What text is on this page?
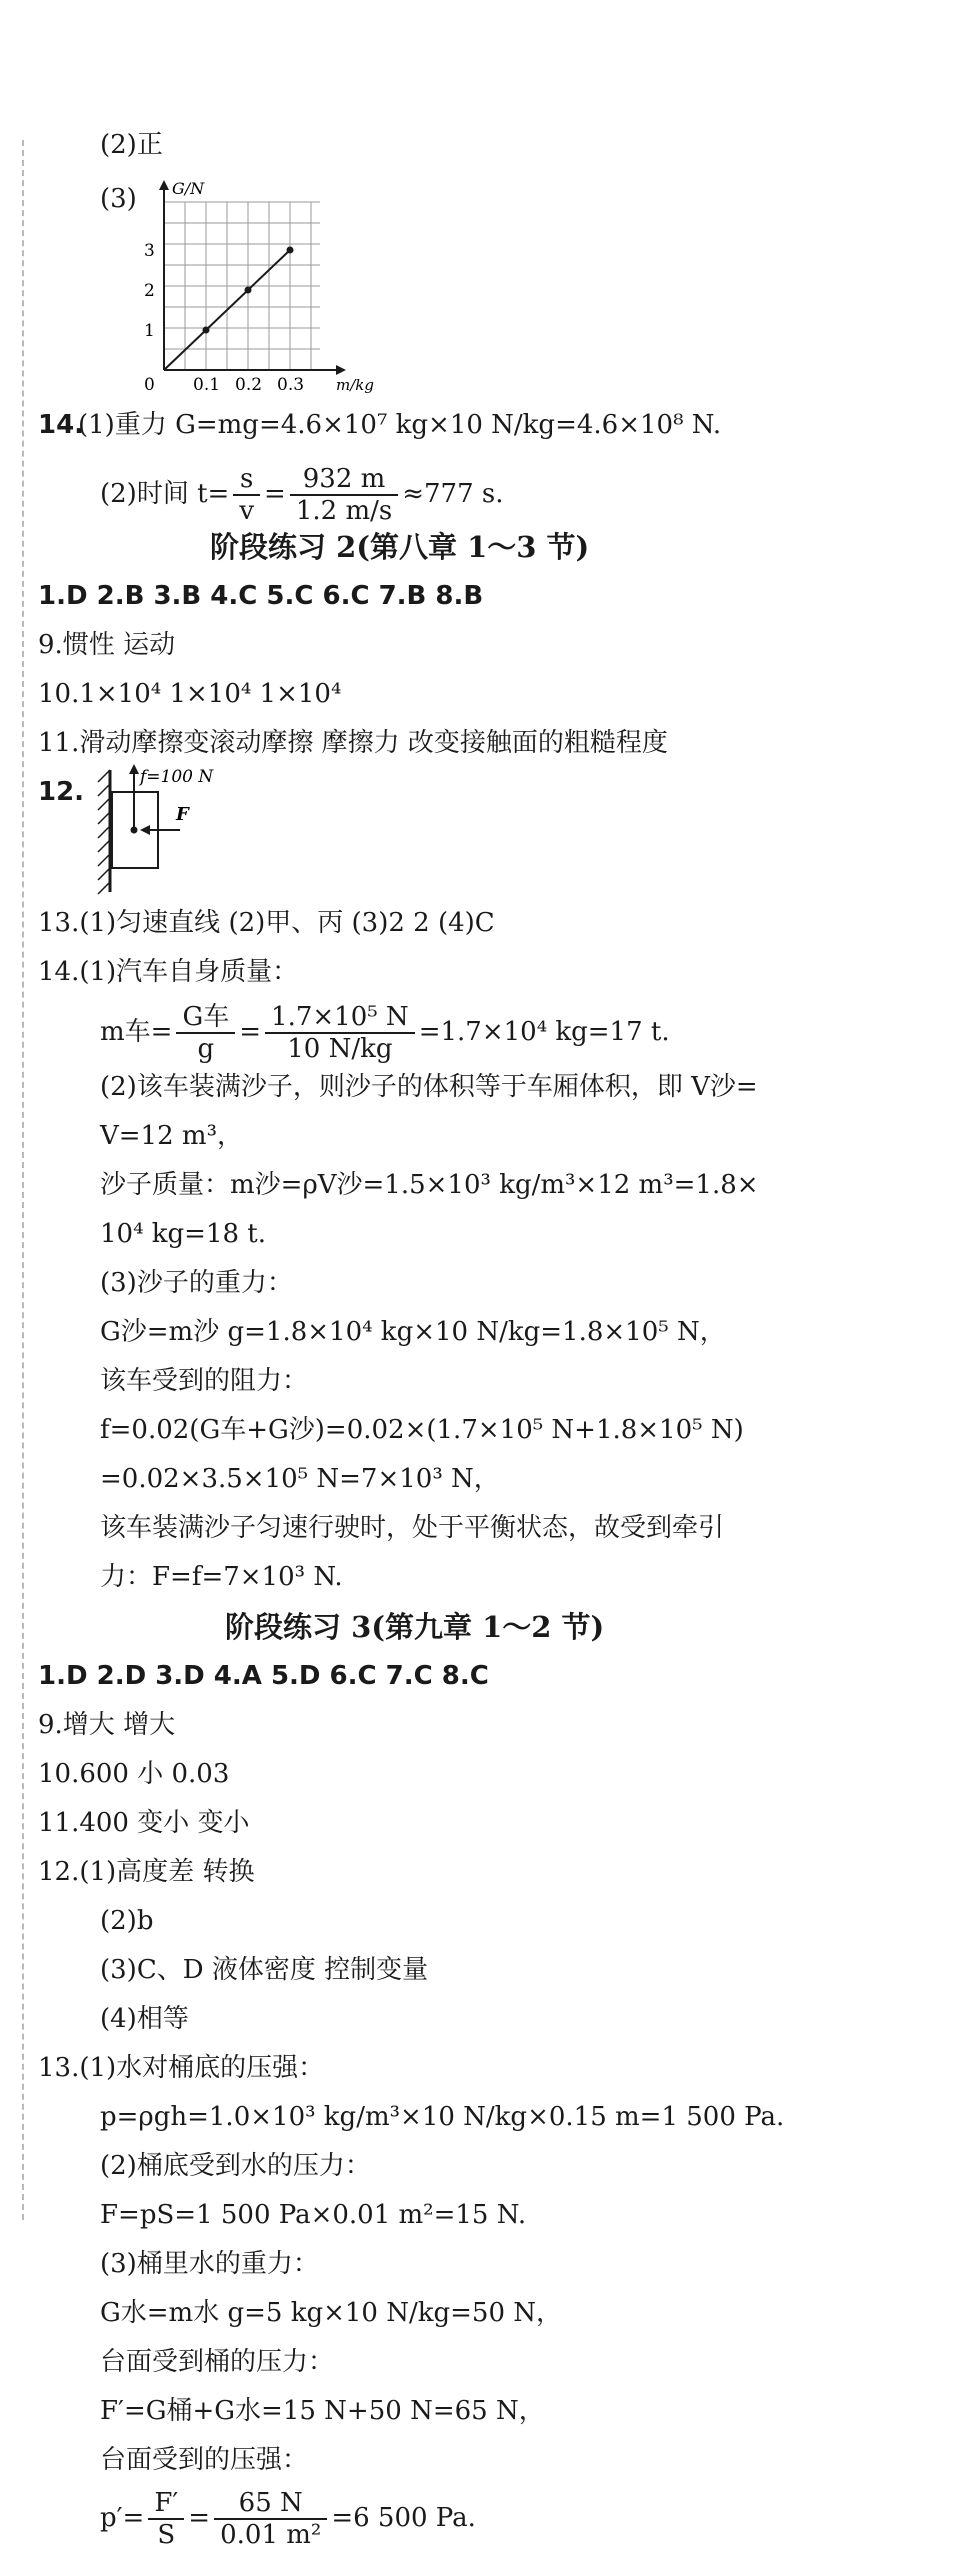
(2)正
(3) G/N
m/kg
0 0.1 0.2 0.3
1
2
3
14.
(1)重力 G=mg=4.6×10⁷ kg×10 N/kg=4.6×10⁸ N.
(2)时间 $t= \frac{s}{v} = \frac{932 m}{1.2 m/s} \approx 777$ s.
阶段练习 2(第八章 1～3 节)
1.D 2.B 3.B 4.C 5.C 6.C 7.B 8.B
9.惯性 运动
10.1×10⁴ 1×10⁴ 1×10⁴
11.滑动摩擦变滚动摩擦 摩擦力 改变接触面的粗糙程度
12.	f=100 N
F
13.(1)匀速直线 (2)甲、丙 (3)2 2 (4)C
14.(1)汽车自身质量：
m车= $\frac{\text{G车}}{g} = \frac{\text{1.7×10⁵ N}}{10 N/kg} =1.7\times 10^4$ kg=17 t.
(2)该车装满沙子，则沙子的体积等于车厢体积，即 V沙=
V=12 m³，
沙子质量：m沙=ρV沙=1.5×10³ kg/m³×12 m³=1.8×
10⁴ kg=18 t.
(3)沙子的重力：
G沙=m沙 g=1.8×10⁴ kg×10 N/kg=1.8×10⁵ N，
该车受到的阻力：
f=0.02(G车+G沙)=0.02×(1.7×10⁵ N+1.8×10⁵ N)
=0.02×3.5×10⁵ N=7×10³ N，
该车装满沙子匀速行驶时，处于平衡状态，故受到牵引
力：F=f=7×10³ N.
阶段练习 3(第九章 1～2 节)
1.D 2.D 3.D 4.A 5.D 6.C 7.C 8.C
9.增大 增大
10.600 小 0.03
11.400 变小 变小
12.(1)高度差 转换
(2)b
(3)C、D 液体密度 控制变量
(4)相等
13.(1)水对桶底的压强：
p=ρgh=1.0×10³ kg/m³×10 N/kg×0.15 m=1 500 Pa.
(2)桶底受到水的压力：
F=pS=1 500 Pa×0.01 m²=15 N.
(3)桶里水的重力：
G水=m水 g=5 kg×10 N/kg=50 N，
台面受到桶的压力：
F′=G桶+G水=15 N+50 N=65 N，
台面受到的压强：
$p'= \frac{F'}{S} = \frac{65 N}{\text{0.01 m²}} =6$ 500 Pa.
